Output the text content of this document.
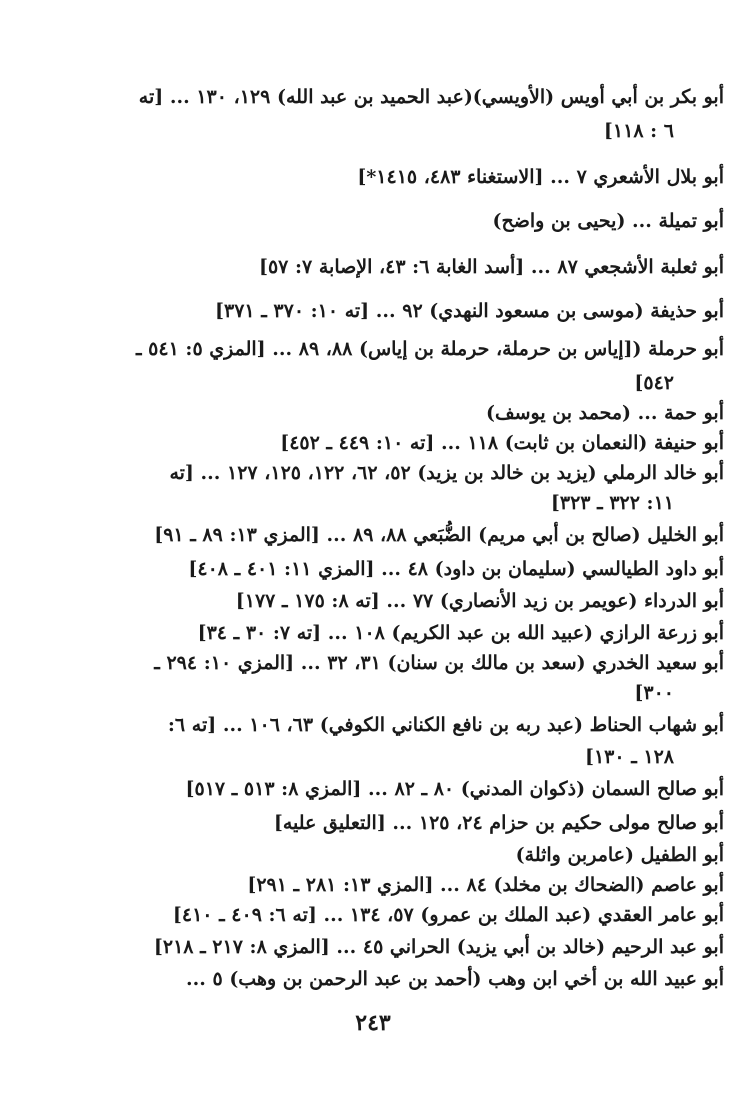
أبو بكر بن أبي أويس (الأويسي)(عبد الحميد بن عبد الله) ١٢٩، ١٣٠ ... [ته
٦ : ١١٨]
أبو بلال الأشعري ٧ ... [الاستغناء ٤٨٣، ١٤١٥*]
أبو تميلة ... (يحيى بن واضح)
أبو ثعلبة الأشجعي ٨٧ ... [أسد الغابة ٦: ٤٣، الإصابة ٧: ٥٧]
أبو حذيفة (موسى بن مسعود النهدي) ٩٢ ... [ته ١٠: ٣٧٠ ـ ٣٧١]
أبو حرملة ([إياس بن حرملة، حرملة بن إياس) ٨٨، ٨٩ ... [المزي ٥: ٥٤١ ـ
٥٤٢]
أبو حمة ... (محمد بن يوسف)
أبو حنيفة (النعمان بن ثابت) ١١٨ ... [ته ١٠: ٤٤٩ ـ ٤٥٢]
أبو خالد الرملي (يزيد بن خالد بن يزيد) ٥٢، ٦٢، ١٢٢، ١٢٥، ١٢٧ ... [ته
١١: ٣٢٢ ـ ٣٢٣]
أبو الخليل (صالح بن أبي مريم) الضُّبَعي ٨٨، ٨٩ ... [المزي ١٣: ٨٩ ـ ٩١]
أبو داود الطيالسي (سليمان بن داود) ٤٨ ... [المزي ١١: ٤٠١ ـ ٤٠٨]
أبو الدرداء (عويمر بن زيد الأنصاري) ٧٧ ... [ته ٨: ١٧٥ ـ ١٧٧]
أبو زرعة الرازي (عبيد الله بن عبد الكريم) ١٠٨ ... [ته ٧: ٣٠ ـ ٣٤]
أبو سعيد الخدري (سعد بن مالك بن سنان) ٣١، ٣٢ ... [المزي ١٠: ٢٩٤ ـ
٣٠٠]
أبو شهاب الحناط (عبد ربه بن نافع الكناني الكوفي) ٦٣، ١٠٦ ... [ته ٦:
١٢٨ ـ ١٣٠]
أبو صالح السمان (ذكوان المدني) ٨٠ ـ ٨٢ ... [المزي ٨: ٥١٣ ـ ٥١٧]
أبو صالح مولى حكيم بن حزام ٢٤، ١٢٥ ... [التعليق عليه]
أبو الطفيل (عامربن واثلة)
أبو عاصم (الضحاك بن مخلد) ٨٤ ... [المزي ١٣: ٢٨١ ـ ٢٩١]
أبو عامر العقدي (عبد الملك بن عمرو) ٥٧، ١٣٤ ... [ته ٦: ٤٠٩ ـ ٤١٠]
أبو عبد الرحيم (خالد بن أبي يزيد) الحراني ٤٥ ... [المزي ٨: ٢١٧ ـ ٢١٨]
أبو عبيد الله بن أخي ابن وهب (أحمد بن عبد الرحمن بن وهب) ٥ ...
٢٤٣
